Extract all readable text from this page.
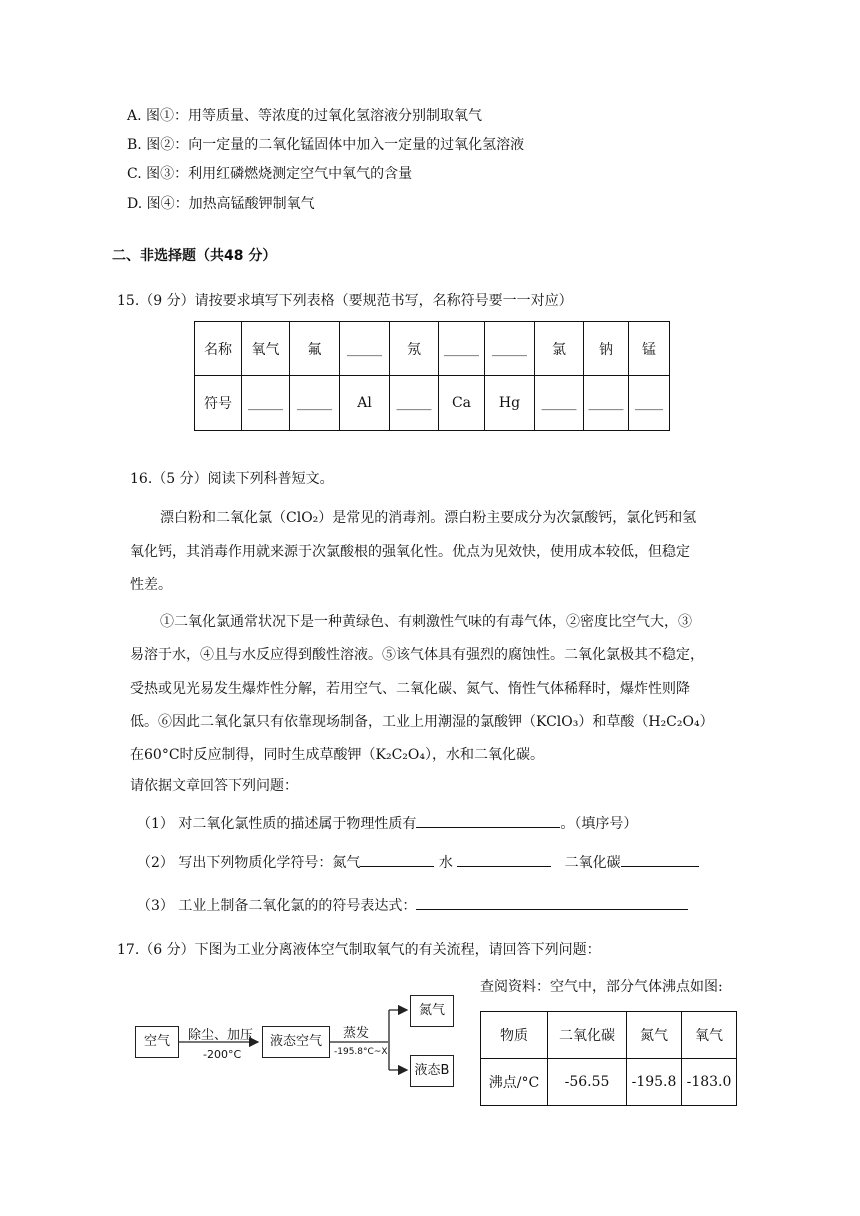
A. 图①：用等质量、等浓度的过氧化氢溶液分别制取氧气
B. 图②：向一定量的二氧化锰固体中加入一定量的过氧化氢溶液
C. 图③：利用红磷燃烧测定空气中氧气的含量
D. 图④：加热高锰酸钾制氧气
二、非选择题（共48 分）
15.（9 分）请按要求填写下列表格（要规范书写，名称符号要一一对应）
名称	氧气	氟	_____	氖	_____	_____	氯	钠	锰
符号	_____	_____	Al	_____	Ca	Hg	_____	_____	____
16.（5 分）阅读下列科普短文。
漂白粉和二氧化氯（ClO₂）是常见的消毒剂。漂白粉主要成分为次氯酸钙，氯化钙和氢
氧化钙，其消毒作用就来源于次氯酸根的强氧化性。优点为见效快，使用成本较低，但稳定
性差。
①二氧化氯通常状况下是一种黄绿色、有刺激性气味的有毒气体，②密度比空气大，③
易溶于水，④且与水反应得到酸性溶液。⑤该气体具有强烈的腐蚀性。二氧化氯极其不稳定，
受热或见光易发生爆炸性分解，若用空气、二氧化碳、氮气、惰性气体稀释时，爆炸性则降
低。⑥因此二氧化氯只有依靠现场制备，工业上用潮湿的氯酸钾（KClO₃）和草酸（H₂C₂O₄）
在60°C时反应制得，同时生成草酸钾（K₂C₂O₄），水和二氧化碳。
请依据文章回答下列问题：
（1） 对二氧化氯性质的描述属于物理性质有	。（填序号）
（2） 写出下列物质化学符号：氮气	水	二氧化碳
（3） 工业上制备二氧化氯的的符号表达式：
17.（6 分）下图为工业分离液体空气制取氧气的有关流程，请回答下列问题：
查阅资料：空气中，部分气体沸点如图:
空气	除尘、加压
-200°C
液态空气
蒸发
-195.8°C~X
氮气
液态B
物质	二氧化碳	氮气	氧气
沸点/°C	-56.55	-195.8	-183.0
